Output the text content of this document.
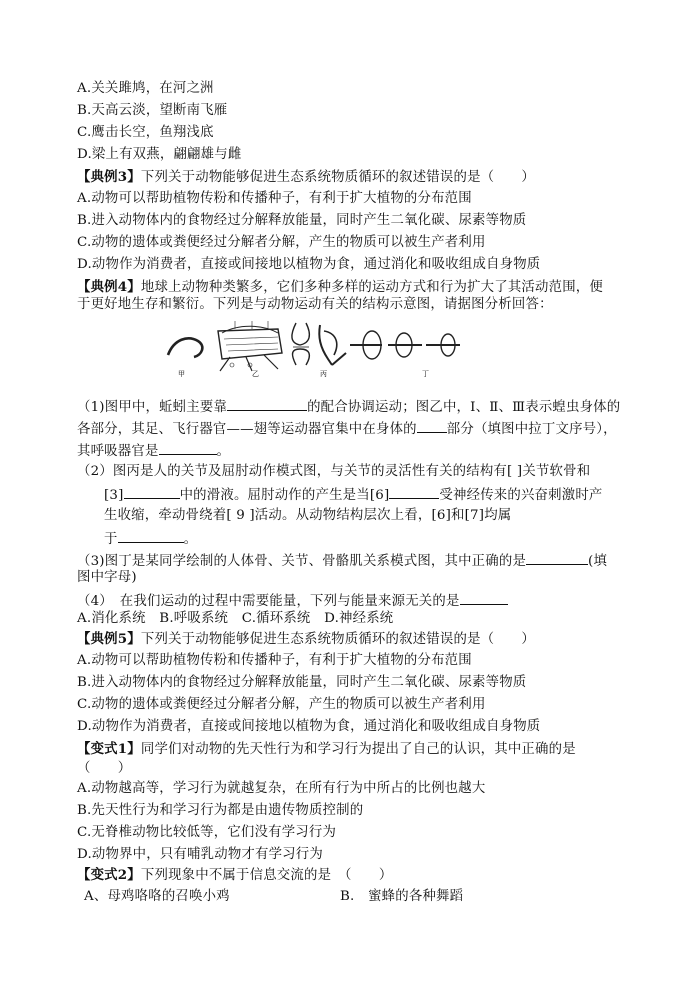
A.关关雎鸠，在河之洲
B.天高云淡，望断南飞雁
C.鹰击长空，鱼翔浅底
D.梁上有双燕，翩翩雄与雌
【典例3】下列关于动物能够促进生态系统物质循环的叙述错误的是（　　）
A.动物可以帮助植物传粉和传播种子，有利于扩大植物的分布范围
B.进入动物体内的食物经过分解释放能量，同时产生二氧化碳、尿素等物质
C.动物的遗体或粪便经过分解者分解，产生的物质可以被生产者利用
D.动物作为消费者，直接或间接地以植物为食，通过消化和吸收组成自身物质
【典例4】地球上动物种类繁多，它们多种多样的运动方式和行为扩大了其活动范围，便
于更好地生存和繁衍。下列是与动物运动有关的结构示意图，请据图分析回答：
甲	乙	丙	丁
（1)图甲中，蚯蚓主要靠	的配合协调运动；图乙中，Ⅰ、Ⅱ、Ⅲ表示蝗虫身体的
各部分，其足、飞行器官——翅等运动器官集中在身体的 部分（填图中拉丁文序号），
其呼吸器官是	。
（2）图丙是人的关节及屈肘动作模式图，与关节的灵活性有关的结构有[ ]关节软骨和
[3]	中的滑液。屈肘动作的产生是当[6]	受神经传来的兴奋刺激时产
生收缩，牵动骨绕着[ 9 ]活动。从动物结构层次上看，[6]和[7]均属
于	。
（3)图丁是某同学绘制的人体骨、关节、骨骼肌关系模式图，其中正确的是	(填
图中字母)
（4）　在我们运动的过程中需要能量，下列与能量来源无关的是
A.消化系统　B.呼吸系统　C.循环系统　D.神经系统
【典例5】下列关于动物能够促进生态系统物质循环的叙述错误的是（　　）
A.动物可以帮助植物传粉和传播种子，有利于扩大植物的分布范围
B.进入动物体内的食物经过分解释放能量，同时产生二氧化碳、尿素等物质
C.动物的遗体或粪便经过分解者分解，产生的物质可以被生产者利用
D.动物作为消费者，直接或间接地以植物为食，通过消化和吸收组成自身物质
【变式1】同学们对动物的先天性行为和学习行为提出了自己的认识，其中正确的是
（　　）
A.动物越高等，学习行为就越复杂，在所有行为中所占的比例也越大
B.先天性行为和学习行为都是由遗传物质控制的
C.无脊椎动物比较低等，它们没有学习行为
D.动物界中，只有哺乳动物才有学习行为
【变式2】下列现象中不属于信息交流的是　（　　）
A、母鸡咯咯的召唤小鸡	B.　蜜蜂的各种舞蹈
